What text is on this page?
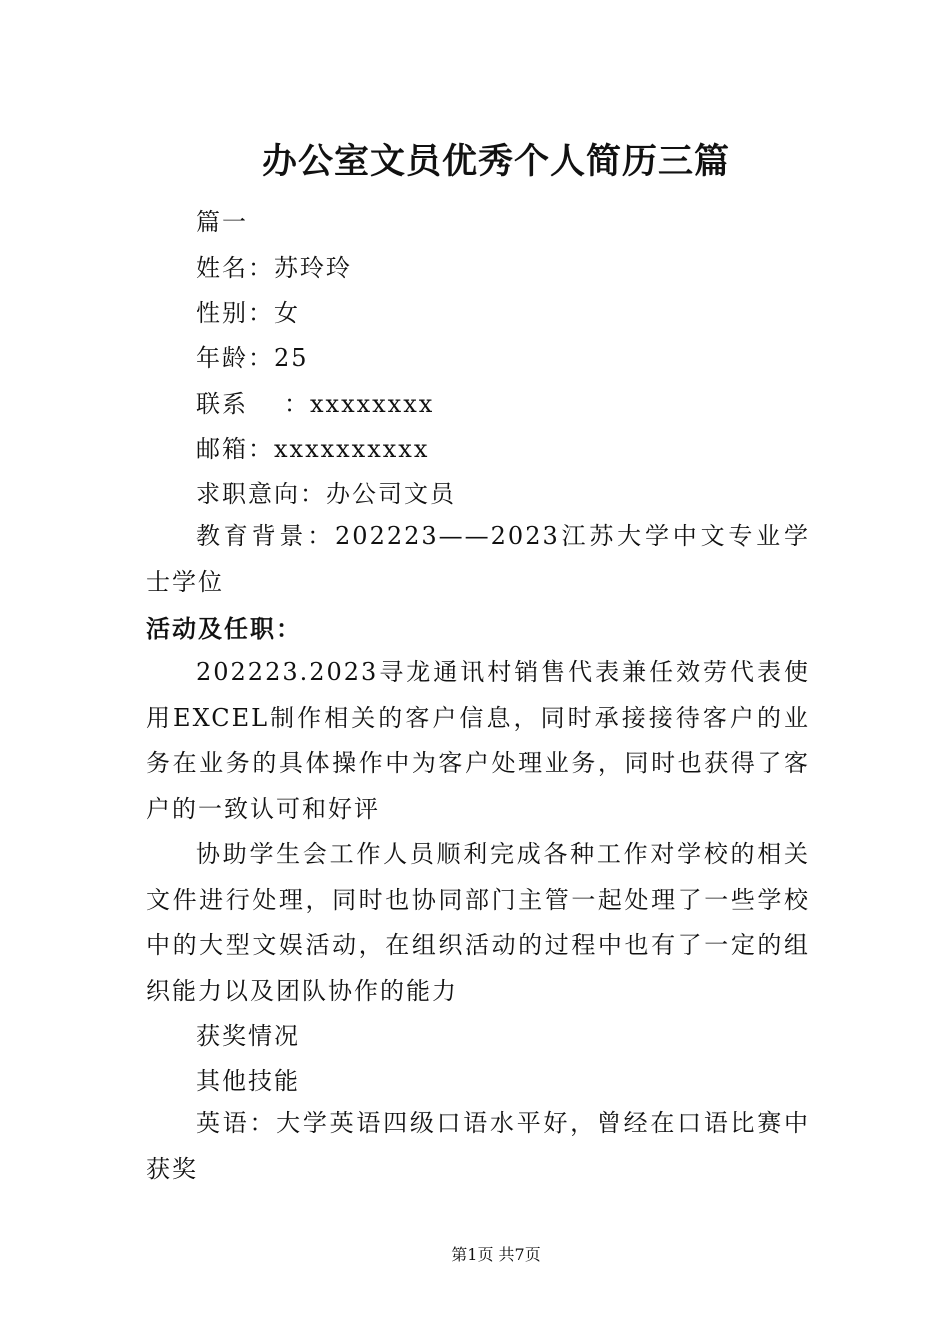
办公室文员优秀个人简历三篇
篇一
姓名：苏玲玲
性别：女
年龄：25
联系 ：xxxxxxxx
邮箱：xxxxxxxxxx
求职意向：办公司文员
教育背景：202223——2023江苏大学中文专业学士学位
活动及任职：
202223.2023寻龙通讯村销售代表兼任效劳代表使用EXCEL制作相关的客户信息，同时承接接待客户的业务在业务的具体操作中为客户处理业务，同时也获得了客户的一致认可和好评
协助学生会工作人员顺利完成各种工作对学校的相关文件进行处理，同时也协同部门主管一起处理了一些学校中的大型文娱活动，在组织活动的过程中也有了一定的组织能力以及团队协作的能力
获奖情况
其他技能
英语：大学英语四级口语水平好，曾经在口语比赛中获奖
第1页 共7页
